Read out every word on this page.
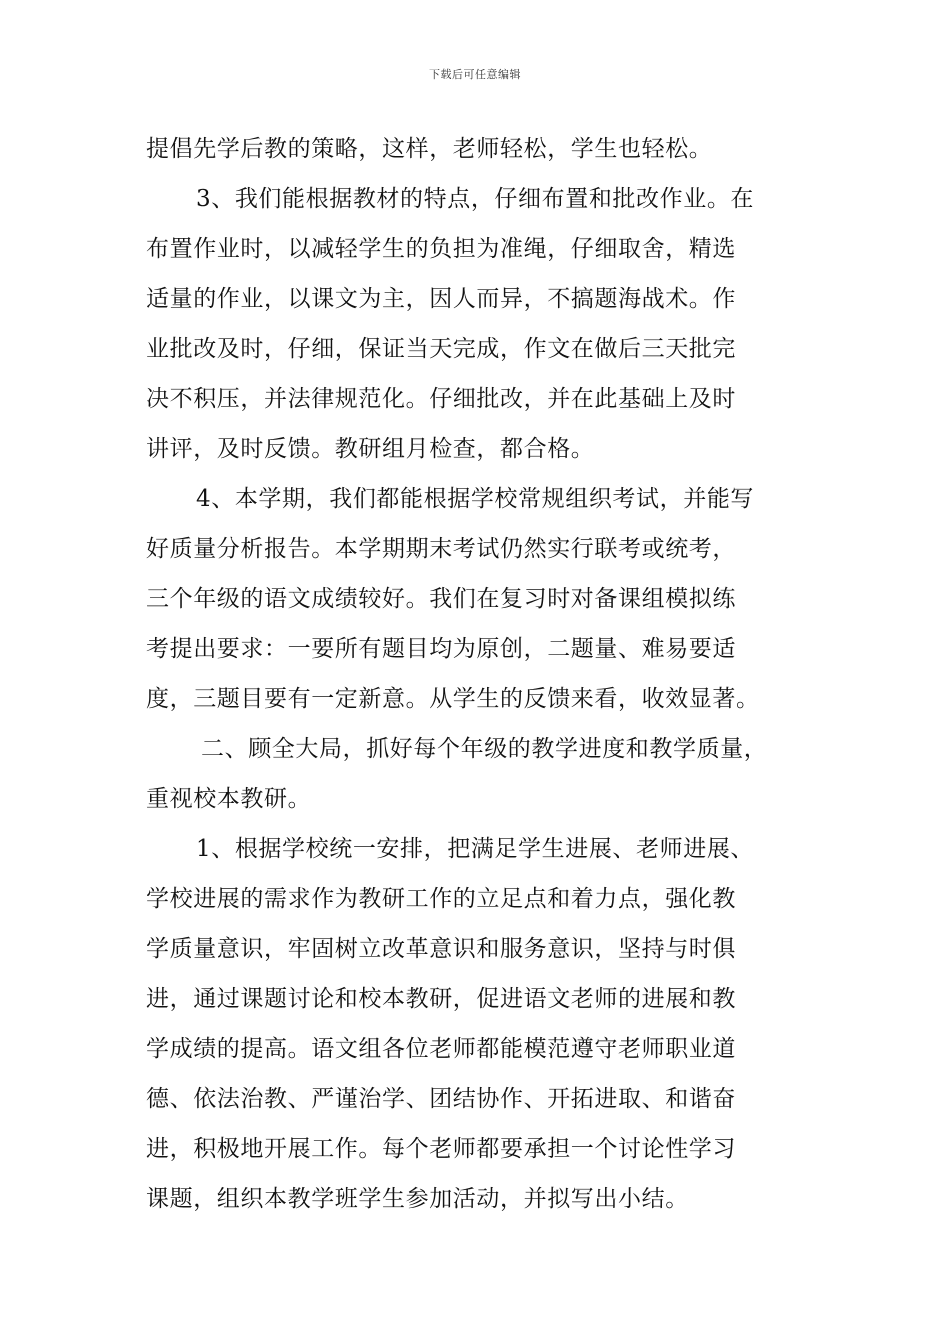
下载后可任意编辑
提倡先学后教的策略，这样，老师轻松，学生也轻松。
3、我们能根据教材的特点，仔细布置和批改作业。在
布置作业时，以减轻学生的负担为准绳，仔细取舍，精选
适量的作业，以课文为主，因人而异，不搞题海战术。作
业批改及时，仔细，保证当天完成，作文在做后三天批完
决不积压，并法律规范化。仔细批改，并在此基础上及时
讲评，及时反馈。教研组月检查，都合格。
4、本学期，我们都能根据学校常规组织考试，并能写
好质量分析报告。本学期期末考试仍然实行联考或统考，
三个年级的语文成绩较好。我们在复习时对备课组模拟练
考提出要求：一要所有题目均为原创，二题量、难易要适
度，三题目要有一定新意。从学生的反馈来看，收效显著。
二、顾全大局，抓好每个年级的教学进度和教学质量，
重视校本教研。
1、根据学校统一安排，把满足学生进展、老师进展、
学校进展的需求作为教研工作的立足点和着力点，强化教
学质量意识，牢固树立改革意识和服务意识，坚持与时俱
进，通过课题讨论和校本教研，促进语文老师的进展和教
学成绩的提高。语文组各位老师都能模范遵守老师职业道
德、依法治教、严谨治学、团结协作、开拓进取、和谐奋
进，积极地开展工作。每个老师都要承担一个讨论性学习
课题，组织本教学班学生参加活动，并拟写出小结。
